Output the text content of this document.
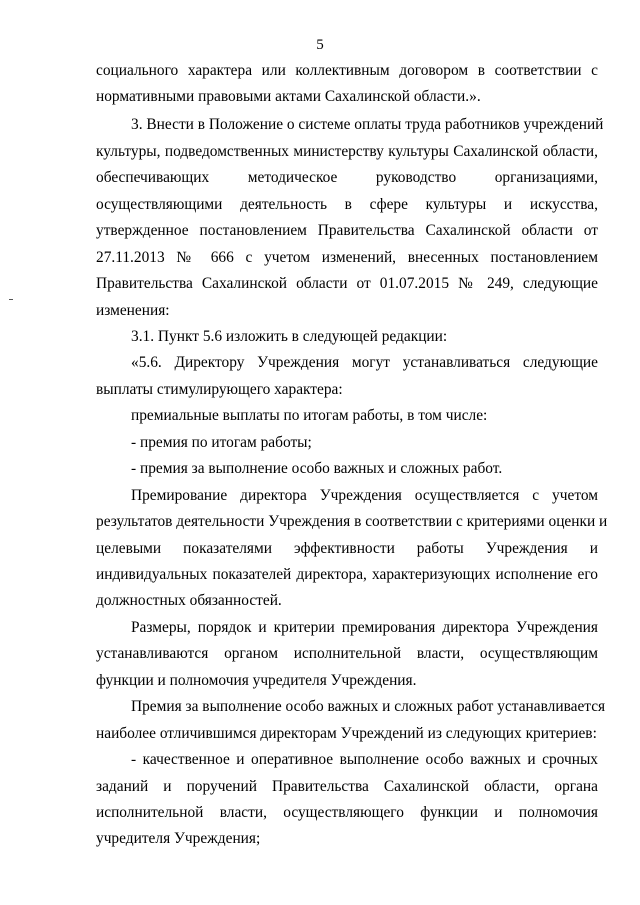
5
социального характера или коллективным договором в соответствии с
нормативными правовыми актами Сахалинской области.».
3. Внести в Положение о системе оплаты труда работников учреждений
культуры, подведомственных министерству культуры Сахалинской области,
обеспечивающих методическое руководство организациями,
осуществляющими деятельность в сфере культуры и искусства,
утвержденное постановлением Правительства Сахалинской области от
27.11.2013 № 666 с учетом изменений, внесенных постановлением
Правительства Сахалинской области от 01.07.2015 № 249, следующие
изменения:
3.1. Пункт 5.6 изложить в следующей редакции:
«5.6. Директору Учреждения могут устанавливаться следующие
выплаты стимулирующего характера:
премиальные выплаты по итогам работы, в том числе:
- премия по итогам работы;
- премия за выполнение особо важных и сложных работ.
Премирование директора Учреждения осуществляется с учетом
результатов деятельности Учреждения в соответствии с критериями оценки и
целевыми показателями эффективности работы Учреждения и
индивидуальных показателей директора, характеризующих исполнение его
должностных обязанностей.
Размеры, порядок и критерии премирования директора Учреждения
устанавливаются органом исполнительной власти, осуществляющим
функции и полномочия учредителя Учреждения.
Премия за выполнение особо важных и сложных работ устанавливается
наиболее отличившимся директорам Учреждений из следующих критериев:
- качественное и оперативное выполнение особо важных и срочных
заданий и поручений Правительства Сахалинской области, органа
исполнительной власти, осуществляющего функции и полномочия
учредителя Учреждения;
